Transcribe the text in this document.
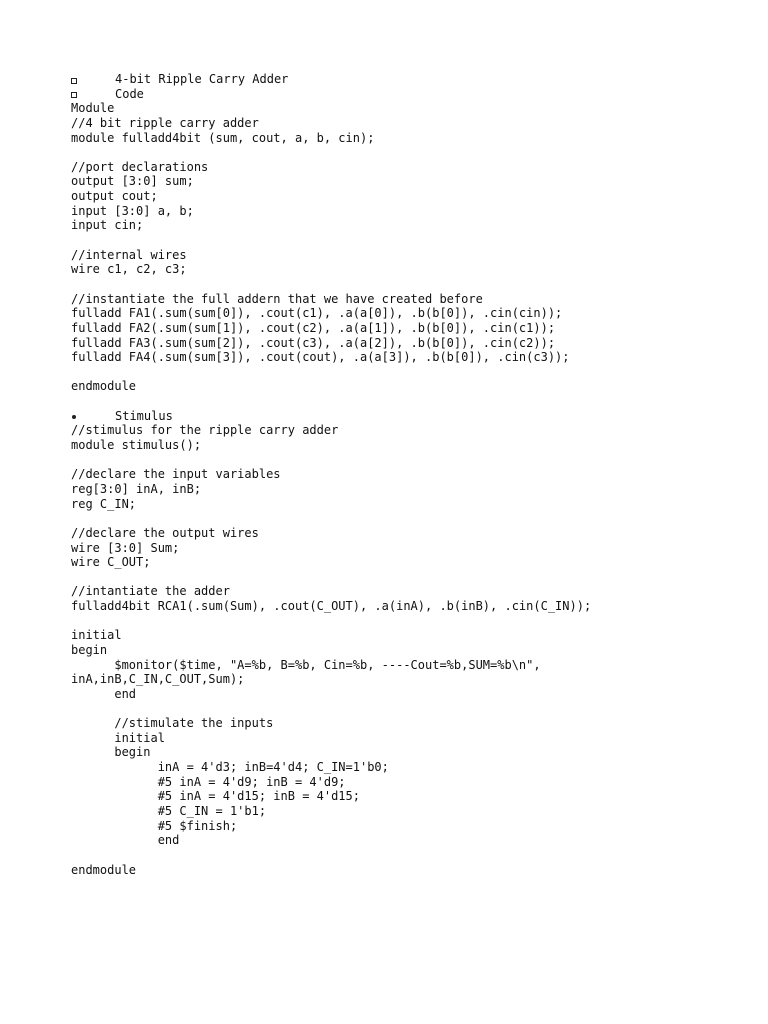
4-bit Ripple Carry Adder
Code
Module
//4 bit ripple carry adder
module fulladd4bit (sum, cout, a, b, cin);
//port declarations
output [3:0] sum;
output cout;
input [3:0] a, b;
input cin;
//internal wires
wire c1, c2, c3;
//instantiate the full addern that we have created before
fulladd FA1(.sum(sum[0]), .cout(c1), .a(a[0]), .b(b[0]), .cin(cin));
fulladd FA2(.sum(sum[1]), .cout(c2), .a(a[1]), .b(b[0]), .cin(c1));
fulladd FA3(.sum(sum[2]), .cout(c3), .a(a[2]), .b(b[0]), .cin(c2));
fulladd FA4(.sum(sum[3]), .cout(cout), .a(a[3]), .b(b[0]), .cin(c3));
endmodule
Stimulus
//stimulus for the ripple carry adder
module stimulus();
//declare the input variables
reg[3:0] inA, inB;
reg C_IN;
//declare the output wires
wire [3:0] Sum;
wire C_OUT;
//intantiate the adder
fulladd4bit RCA1(.sum(Sum), .cout(C_OUT), .a(inA), .b(inB), .cin(C_IN));
initial
begin
$monitor($time, "A=%b, B=%b, Cin=%b, ----Cout=%b,SUM=%b\n",
inA,inB,C_IN,C_OUT,Sum);
end
//stimulate the inputs
initial
begin
inA = 4'd3; inB=4'd4; C_IN=1'b0;
#5 inA = 4'd9; inB = 4'd9;
#5 inA = 4'd15; inB = 4'd15;
#5 C_IN = 1'b1;
#5 $finish;
end
endmodule
